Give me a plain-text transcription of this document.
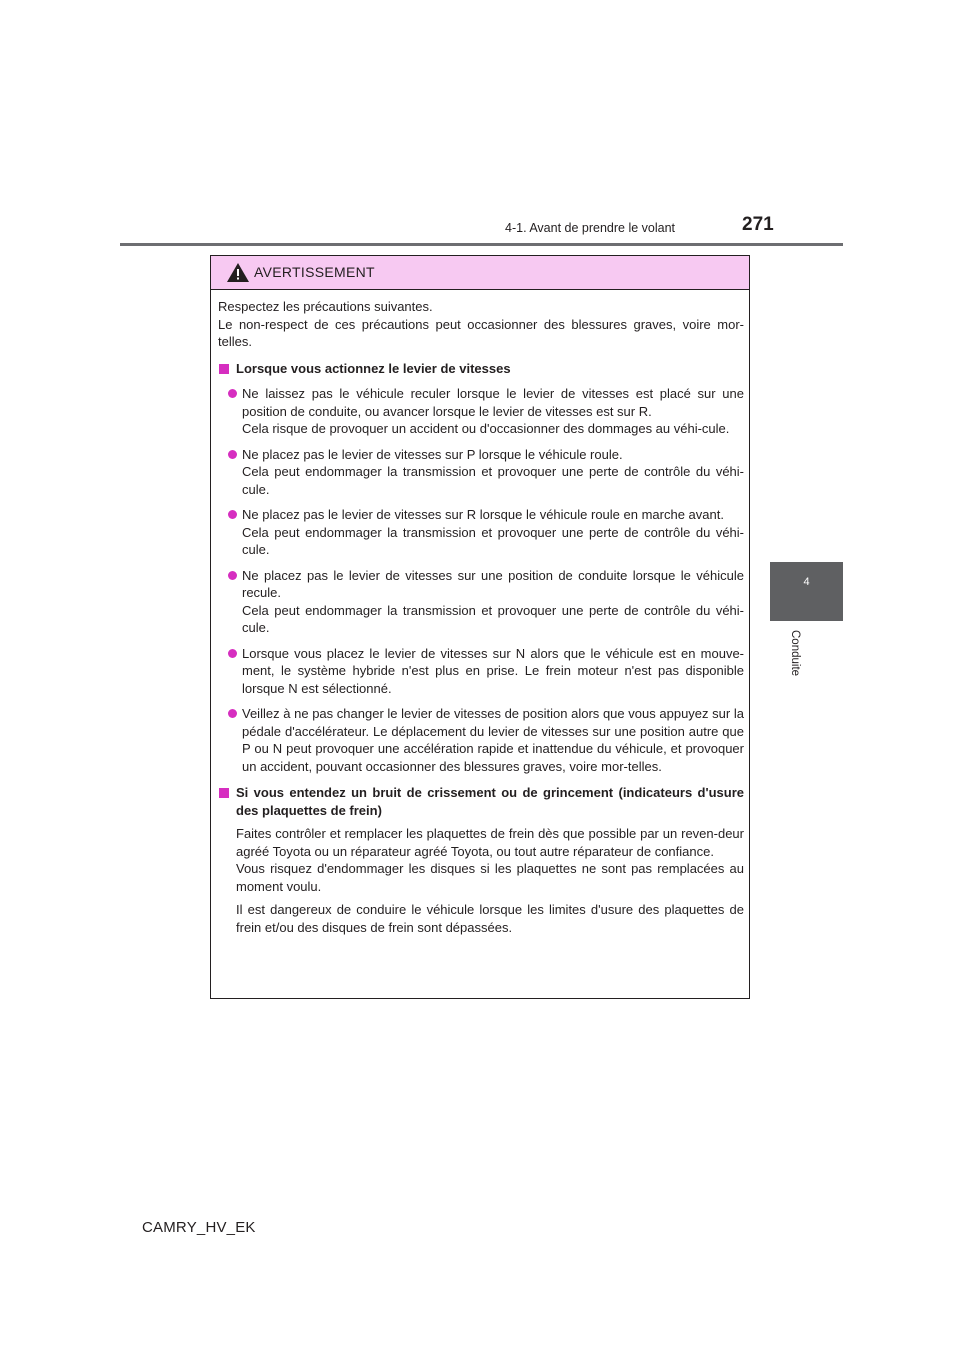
4-1. Avant de prendre le volant	271
4
Conduite
AVERTISSEMENT

Respectez les précautions suivantes.

Le non-respect de ces précautions peut occasionner des blessures graves, voire mor-telles.

Lorsque vous actionnez le levier de vitesses
Ne laissez pas le véhicule reculer lorsque le levier de vitesses est placé sur une position de conduite, ou avancer lorsque le levier de vitesses est sur R.
Cela risque de provoquer un accident ou d'occasionner des dommages au véhi-cule.
Ne placez pas le levier de vitesses sur P lorsque le véhicule roule.
Cela peut endommager la transmission et provoquer une perte de contrôle du véhi-cule.
Ne placez pas le levier de vitesses sur R lorsque le véhicule roule en marche avant.
Cela peut endommager la transmission et provoquer une perte de contrôle du véhi-cule.
Ne placez pas le levier de vitesses sur une position de conduite lorsque le véhicule recule.
Cela peut endommager la transmission et provoquer une perte de contrôle du véhi-cule.
Lorsque vous placez le levier de vitesses sur N alors que le véhicule est en mouve-ment, le système hybride n'est plus en prise. Le frein moteur n'est pas disponible lorsque N est sélectionné.
Veillez à ne pas changer le levier de vitesses de position alors que vous appuyez sur la pédale d'accélérateur. Le déplacement du levier de vitesses sur une position autre que P ou N peut provoquer une accélération rapide et inattendue du véhicule, et provoquer un accident, pouvant occasionner des blessures graves, voire mor-telles.
Si vous entendez un bruit de crissement ou de grincement (indicateurs d'usure des plaquettes de frein)
Faites contrôler et remplacer les plaquettes de frein dès que possible par un reven-deur agréé Toyota ou un réparateur agréé Toyota, ou tout autre réparateur de confiance.
Vous risquez d'endommager les disques si les plaquettes ne sont pas remplacées au moment voulu.
Il est dangereux de conduire le véhicule lorsque les limites d'usure des plaquettes de frein et/ou des disques de frein sont dépassées.
CAMRY_HV_EK
